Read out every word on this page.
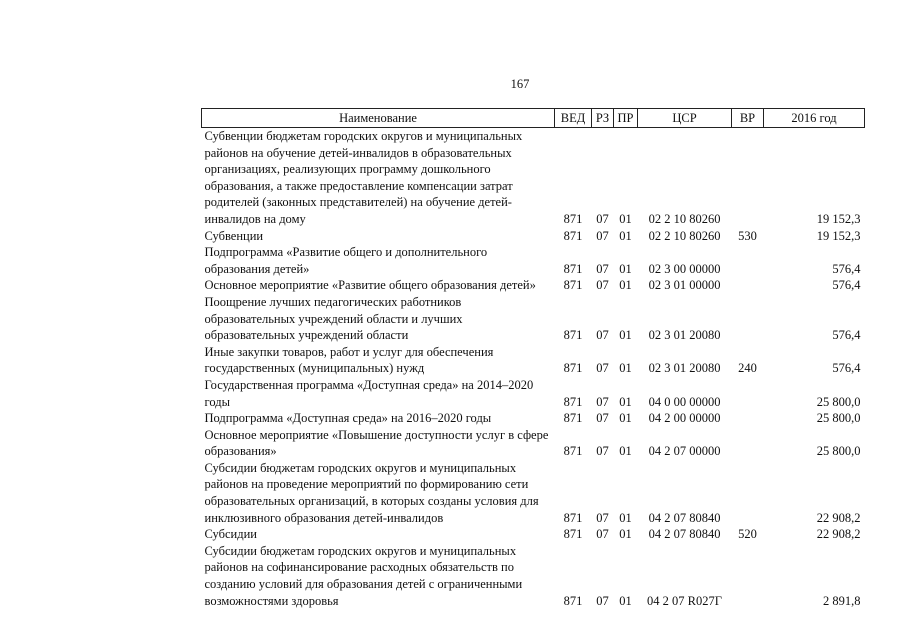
167
Наименование	ВЕД	РЗ	ПР	ЦСР	ВР	2016 год
Субвенции бюджетам городских округов и муниципальных районов на обучение детей-инвалидов в образовательных организациях, реализующих программу дошкольного образования, а также предоставление компенсации затрат родителей (законных представителей) на обучение детей-инвалидов на дому	871	07	01	02 2 10 80260		19 152,3
Субвенции	871	07	01	02 2 10 80260	530	19 152,3
Подпрограмма «Развитие общего и дополнительного образования детей»	871	07	01	02 3 00 00000		576,4
Основное мероприятие «Развитие общего образования детей»	871	07	01	02 3 01 00000		576,4
Поощрение лучших педагогических работников образовательных учреждений области и лучших образовательных учреждений области	871	07	01	02 3 01 20080		576,4
Иные закупки товаров, работ и услуг для обеспечения государственных (муниципальных) нужд	871	07	01	02 3 01 20080	240	576,4
Государственная программа «Доступная среда» на 2014–2020 годы	871	07	01	04 0 00 00000		25 800,0
Подпрограмма «Доступная среда» на 2016–2020 годы	871	07	01	04 2 00 00000		25 800,0
Основное мероприятие «Повышение доступности услуг в сфере образования»	871	07	01	04 2 07 00000		25 800,0
Субсидии бюджетам городских округов и муниципальных районов на проведение мероприятий по формированию сети образовательных организаций, в которых созданы условия для инклюзивного образования детей-инвалидов	871	07	01	04 2 07 80840		22 908,2
Субсидии	871	07	01	04 2 07 80840	520	22 908,2
Субсидии бюджетам городских округов и муниципальных районов на софинансирование расходных обязательств по созданию условий для образования детей с ограниченными возможностями здоровья	871	07	01	04 2 07 R027Г		2 891,8
